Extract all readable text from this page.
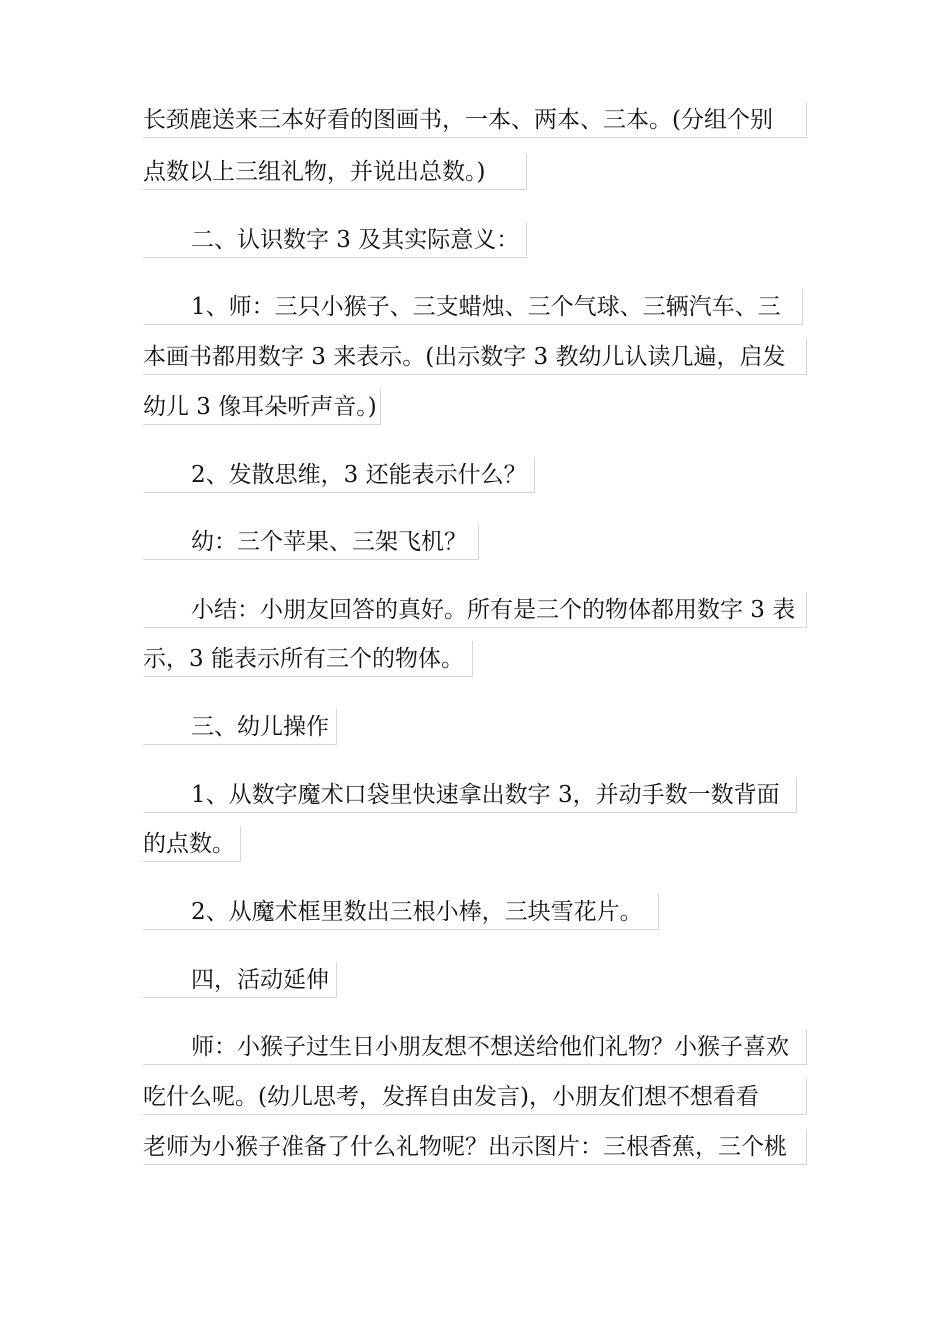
长颈鹿送来三本好看的图画书，一本、两本、三本。(分组个别
点数以上三组礼物，并说出总数。)
二、认识数字 3 及其实际意义：
1、师：三只小猴子、三支蜡烛、三个气球、三辆汽车、三
本画书都用数字 3 来表示。(出示数字 3 教幼儿认读几遍，启发
幼儿 3 像耳朵听声音。)
2、发散思维，3 还能表示什么？
幼：三个苹果、三架飞机？
小结：小朋友回答的真好。所有是三个的物体都用数字 3 表
示，3 能表示所有三个的物体。
三、幼儿操作
1、从数字魔术口袋里快速拿出数字 3，并动手数一数背面
的点数。
2、从魔术框里数出三根小棒，三块雪花片。
四，活动延伸
师：小猴子过生日小朋友想不想送给他们礼物？小猴子喜欢
吃什么呢。(幼儿思考，发挥自由发言)，小朋友们想不想看看
老师为小猴子准备了什么礼物呢？出示图片：三根香蕉，三个桃
